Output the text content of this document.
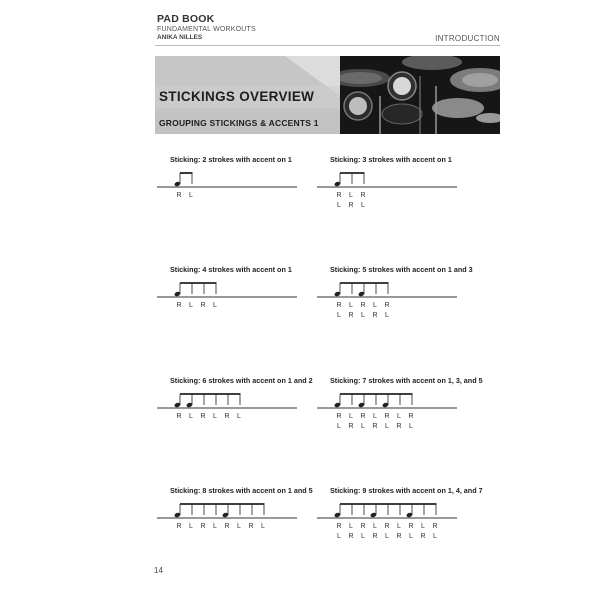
PAD BOOK
FUNDAMENTAL WORKOUTS
ANIKA NILLES	INTRODUCTION
STICKINGS OVERVIEW
GROUPING STICKINGS & ACCENTS 1
Sticking: 2 strokes with accent on 1
R L
Sticking: 3 strokes with accent on 1
R L R
L R L
Sticking: 4 strokes with accent on 1
R L R L
Sticking: 5 strokes with accent on 1 and 3
R L R L R
L R L R L
Sticking: 6 strokes with accent on 1 and 2
R L R L R L
Sticking: 7 strokes with accent on 1, 3, and 5
R L R L R L R
L R L R L R L
Sticking: 8 strokes with accent on 1 and 5
R L R L R L R L
Sticking: 9 strokes with accent on 1, 4, and 7
R L R L R L R L R
L R L R L R L R L
14
